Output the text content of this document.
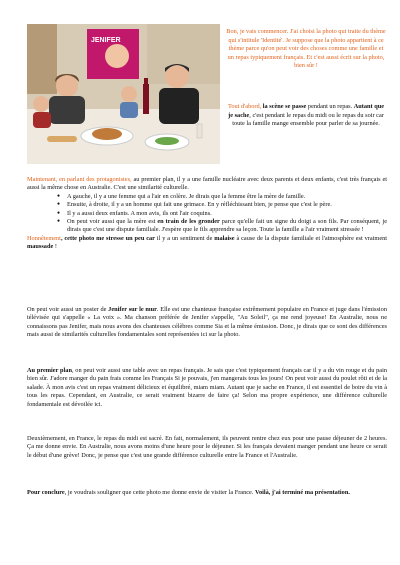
JENIFER
Bon, je vais commencer. J'ai choisi la photo qui traite du thème qui s'intitule 'Identité'. Je suppose que la photo appartient à ce thème parce qu'on peut voir des choses comme une famille et un repas typiquement français. Et c'est aussi écrit sur la photo, bien sûr !
Tout d'abord, la scène se passe pendant un repas. Autant que je sache, c'est pendant le repas du midi ou le repas du soir car toute la famille mange ensemble pour parler de sa journée.

Maintenant, en parlant des protagonistes, au premier plan, il y a une famille nucléaire avec deux parents et deux enfants, c'est très français et aussi la même chose en Australie. C'est une similarité culturelle.

● A gauche, il y a une femme qui a l'air en colère. Je dirais que la femme être la mère de famille.
● Ensuite, à droite, il y a un homme qui fait une grimace. En y réfléchissant bien, je pense que c'est le père.
● Il y a aussi deux enfants. A mon avis, ils ont l'air coquins.
● On peut voir aussi que la mère est en train de les gronder parce qu'elle fait un signe du doigt a son fils. Par conséquent, je dirais que c'est une dispute familiale. J'espère que le fils apprendre sa leçon. Toute la famille a l'air vraiment stressée !

Honnêtement, cette photo me stresse un peu car il y a un sentiment de malaise à cause de la dispute familiale et l'atmosphère est vraiment maussade !

On peut voir aussi un poster de Jenifer sur le mur. Elle est une chanteuse française extrêmement populaire en France et juge dans l'émission télévisée qui s'appelle « La voix ». Ma chanson préférée de Jenifer s'appelle, "Au Soleil", ça me rend joyeuse! En Australie, nous ne connaissons pas Jenifer, mais nous avons des chanteuses célèbres comme Sia et la même émission. Donc, je dirais que ce sont des différences mais aussi de similarités culturelles fondamentales sont représentées ici sur la photo.
Au premier plan, on peut voir aussi une table avec un repas français. Je sais que c'est typiquement français car il y a du vin rouge et du pain bien sûr. J'adore manger du pain frais comme les Français Si je pouvais, j'en mangerais tous les jours! On peut voir aussi du poulet rôti et de la salade. À mon avis c'est un repas vraiment délicieux et équilibré, miam miam. Autant que je sache en France, il est essentiel de boire du vin à tous les repas. Cependant, en Australie, ce serait vraiment bizarre de faire ça! Selon ma propre expérience, une différence culturelle fondamentale est dévoilée ici.
Deuxièmement, en France, le repas du midi est sacré. En fait, normalement, ils peuvent rentre chez eux pour une pause déjeuner de 2 heures. Ça me donne envie. En Australie, nous avons moins d'une heure pour le déjeuner. Si les français devaient manger pendant une heure ce serait le début d'une grève! Donc, je pense que c'est une grande différence culturelle entre la France et l'Australie.
Pour conclure, je voudrais souligner que cette photo me donne envie de visiter la France. Voilà, j'ai terminé ma présentation.
